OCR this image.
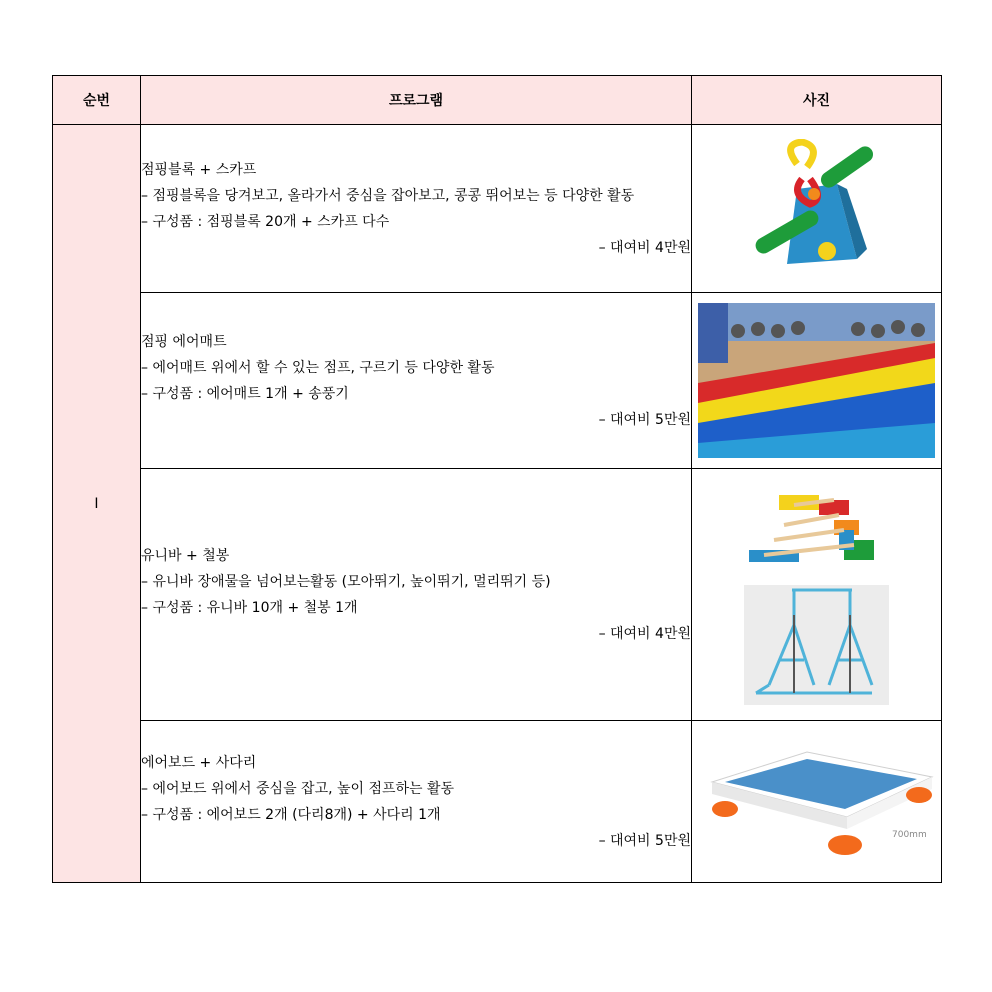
순번	프로그램	사진
I	점핑블록 + 스카프
– 점핑블록을 당겨보고, 올라가서 중심을 잡아보고, 콩콩 뛰어보는 등 다양한 활동
– 구성품 : 점핑블록 20개 + 스카프 다수
– 대여비 4만원

	점핑 에어매트
– 에어매트 위에서 할 수 있는 점프, 구르기 등 다양한 활동
– 구성품 : 에어매트 1개 + 송풍기
– 대여비 5만원

	유니바 + 철봉
– 유니바 장애물을 넘어보는활동 (모아뛰기, 높이뛰기, 멀리뛰기 등)
– 구성품 : 유니바 10개 + 철봉 1개
– 대여비 4만원

	에어보드 + 사다리
– 에어보드 위에서 중심을 잡고, 높이 점프하는 활동
– 구성품 : 에어보드 2개 (다리8개) + 사다리 1개
– 대여비 5만원	700mm
